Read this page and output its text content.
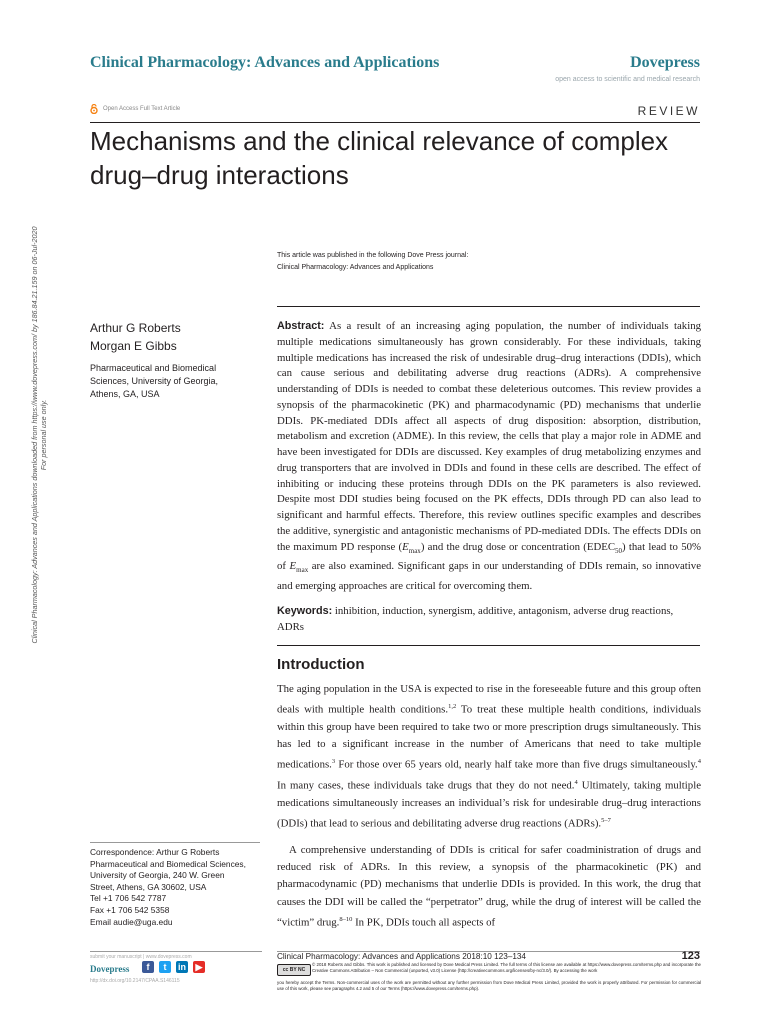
Clinical Pharmacology: Advances and Applications	Dovepress
open access to scientific and medical research
Open Access Full Text Article	REVIEW
Mechanisms and the clinical relevance of complex drug–drug interactions
This article was published in the following Dove Press journal:
Clinical Pharmacology: Advances and Applications
Clinical Pharmacology: Advances and Applications downloaded from https://www.dovepress.com/ by 186.84.21.159 on 06-Jul-2020 For personal use only.
Arthur G Roberts
Morgan E Gibbs
Pharmaceutical and Biomedical Sciences, University of Georgia, Athens, GA, USA
Abstract: As a result of an increasing aging population, the number of individuals taking multiple medications simultaneously has grown considerably. For these individuals, taking multiple medications has increased the risk of undesirable drug–drug interactions (DDIs), which can cause serious and debilitating adverse drug reactions (ADRs). A comprehensive understanding of DDIs is needed to combat these deleterious outcomes. This review provides a synopsis of the pharmacokinetic (PK) and pharmacodynamic (PD) mechanisms that underlie DDIs. PK-mediated DDIs affect all aspects of drug disposition: absorption, distribution, metabolism and excretion (ADME). In this review, the cells that play a major role in ADME and have been investigated for DDIs are discussed. Key examples of drug metabolizing enzymes and drug transporters that are involved in DDIs and found in these cells are described. The effect of inhibiting or inducing these proteins through DDIs on the PK parameters is also reviewed. Despite most DDI studies being focused on the PK effects, DDIs through PD can also lead to significant and harmful effects. Therefore, this review outlines specific examples and describes the additive, synergistic and antagonistic mechanisms of PD-mediated DDIs. The effects DDIs on the maximum PD response $(E_{max})$ and the drug dose or concentration $(EDEC_{50})$ that lead to 50% of $E_{max}$ are also examined. Significant gaps in our understanding of DDIs remain, so innovative and emerging approaches are critical for overcoming them.
Keywords: inhibition, induction, synergism, additive, antagonism, adverse drug reactions, ADRs
Introduction
The aging population in the USA is expected to rise in the foreseeable future and this group often deals with multiple health conditions.$^{1,2}$ To treat these multiple health conditions, individuals within this group have been required to take two or more prescription drugs simultaneously. This has led to a significant increase in the number of Americans that need to take multiple medications.$^3$ For those over 65 years old, nearly half take more than five drugs simultaneously.$^4$ In many cases, these individuals take drugs that they do not need.$^4$ Ultimately, taking multiple medications simultaneously increases an individual’s risk for undesirable drug–drug interactions (DDIs) that lead to serious and debilitating adverse drug reactions (ADRs).$^{5-7}$
A comprehensive understanding of DDIs is critical for safer coadministration of drugs and reduced risk of ADRs. In this review, a synopsis of the pharmacokinetic (PK) and pharmacodynamic (PD) mechanisms that underlie DDIs is provided. In this work, the drug that causes the DDI will be called the “perpetrator” drug, while the drug of interest will be called the “victim” drug.$^{8-10}$ In PK, DDIs touch all aspects of
Correspondence: Arthur G Roberts
Pharmaceutical and Biomedical Sciences,
University of Georgia, 240 W. Green
Street, Athens, GA 30602, USA
Tel +1 706 542 7787
Fax +1 706 542 5358
Email audie@uga.edu
submit your manuscript | www.dovepress.com
Dovepress	f	t	in ▶
http://dx.doi.org/10.2147/CPAA.S146115
Clinical Pharmacology: Advances and Applications 2018:10 123–134	123
cc BY NC
© 2018 Roberts and Gibbs. This work is published and licensed by Dove Medical Press Limited. The full terms of this license are available at https://www.dovepress.com/terms.php and incorporate the Creative Commons Attribution – Non Commercial (unported, v3.0) License (http://creativecommons.org/licenses/by-nc/3.0/). By accessing the work
you hereby accept the Terms. Non-commercial uses of the work are permitted without any further permission from Dove Medical Press Limited, provided the work is properly attributed. For permission for commercial use of this work, please see paragraphs 4.2 and 5 of our Terms (https://www.dovepress.com/terms.php).
